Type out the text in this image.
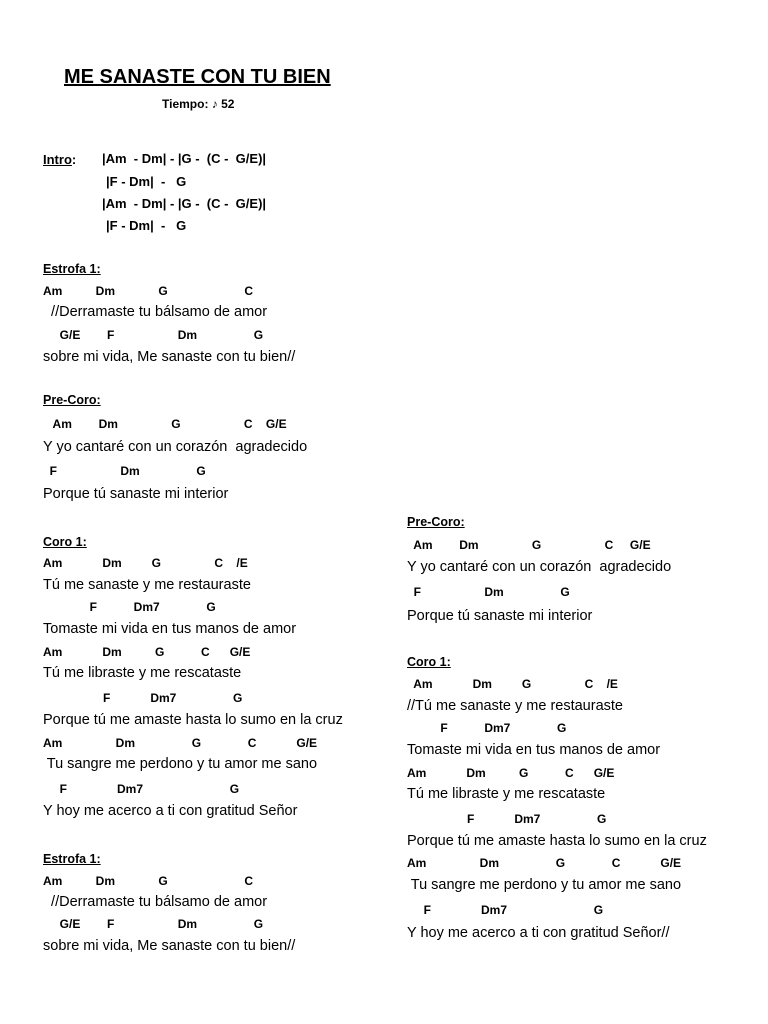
ME SANASTE CON TU BIEN
Tiempo: ♪ 52
Intro: |Am  - Dm| - |G -  (C -  G/E)|
|F - Dm|  -   G
|Am  - Dm| - |G -  (C -  G/E)|
|F - Dm|  -   G
Estrofa 1:
Am          Dm             G                       C
//Derramaste tu bálsamo de amor
G/E        F                   Dm                 G
sobre mi vida, Me sanaste con tu bien//
Pre-Coro:
Am        Dm                G                   C    G/E
Y yo cantaré con un corazón  agradecido
F                   Dm                 G
Porque tú sanaste mi interior
Coro 1:
Am            Dm         G                C    /E
Tú me sanaste y me restauraste
F           Dm7              G
Tomaste mi vida en tus manos de amor
Am            Dm          G           C      G/E
Tú me libraste y me rescataste
F            Dm7                 G
Porque tú me amaste hasta lo sumo en la cruz
Am                Dm                 G              C            G/E
Tu sangre me perdono y tu amor me sano
F               Dm7                          G
Y hoy me acerco a ti con gratitud Señor
Estrofa 1:
Am          Dm             G                       C
//Derramaste tu bálsamo de amor
G/E        F                   Dm                 G
sobre mi vida, Me sanaste con tu bien//
Pre-Coro:
Am        Dm                G                   C     G/E
Y yo cantaré con un corazón  agradecido
F                   Dm                 G
Porque tú sanaste mi interior
Coro 1:
Am            Dm         G                C    /E
//Tú me sanaste y me restauraste
F           Dm7              G
Tomaste mi vida en tus manos de amor
Am            Dm          G           C      G/E
Tú me libraste y me rescataste
F            Dm7                 G
Porque tú me amaste hasta lo sumo en la cruz
Am                Dm                 G              C            G/E
Tu sangre me perdono y tu amor me sano
F               Dm7                          G
Y hoy me acerco a ti con gratitud Señor//
